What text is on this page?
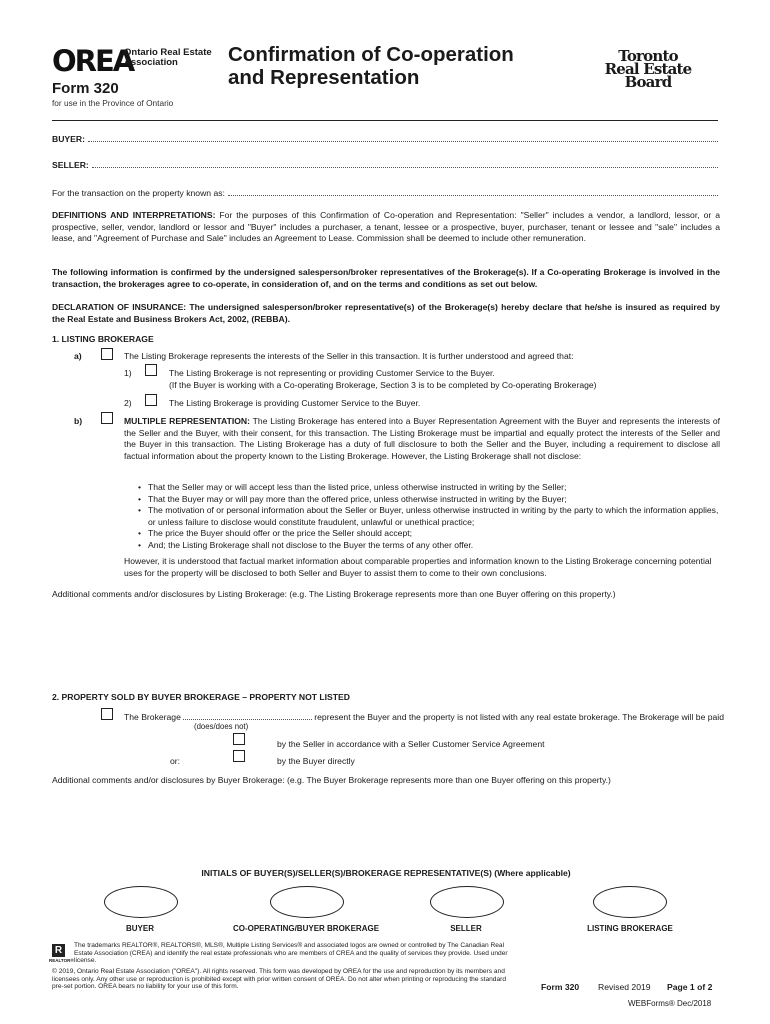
OREA
Ontario Real Estate
Association
Form 320
for use in the Province of Ontario
Confirmation of Co-operation
and Representation
Toronto
Real Estate
Board
BUYER:
SELLER:
For the transaction on the property known as:
DEFINITIONS AND INTERPRETATIONS: For the purposes of this Confirmation of Co-operation and Representation: "Seller" includes a vendor, a landlord, lessor, or a prospective, seller, vendor, landlord or lessor and "Buyer" includes a purchaser, a tenant, lessee or a prospective, buyer, purchaser, tenant or lessee and "sale" includes a lease, and "Agreement of Purchase and Sale" includes an Agreement to Lease. Commission shall be deemed to include other remuneration.
The following information is confirmed by the undersigned salesperson/broker representatives of the Brokerage(s). If a Co-operating Brokerage is involved in the transaction, the brokerages agree to co-operate, in consideration of, and on the terms and conditions as set out below.
DECLARATION OF INSURANCE: The undersigned salesperson/broker representative(s) of the Brokerage(s) hereby declare that he/she is insured as required by the Real Estate and Business Brokers Act, 2002, (REBBA).
1. LISTING BROKERAGE
a)	The Listing Brokerage represents the interests of the Seller in this transaction. It is further understood and agreed that:
1)	The Listing Brokerage is not representing or providing Customer Service to the Buyer.
(If the Buyer is working with a Co-operating Brokerage, Section 3 is to be completed by Co-operating Brokerage)
2)	The Listing Brokerage is providing Customer Service to the Buyer.
b)	MULTIPLE REPRESENTATION: The Listing Brokerage has entered into a Buyer Representation Agreement with the Buyer and represents the interests of the Seller and the Buyer, with their consent, for this transaction. The Listing Brokerage must be impartial and equally protect the interests of the Seller and the Buyer in this transaction. The Listing Brokerage has a duty of full disclosure to both the Seller and the Buyer, including a requirement to disclose all factual information about the property known to the Listing Brokerage. However, the Listing Brokerage shall not disclose:
• That the Seller may or will accept less than the listed price, unless otherwise instructed in writing by the Seller;
• That the Buyer may or will pay more than the offered price, unless otherwise instructed in writing by the Buyer;
• The motivation of or personal information about the Seller or Buyer, unless otherwise instructed in writing by the party to which the information applies, or unless failure to disclose would constitute fraudulent, unlawful or unethical practice;
• The price the Buyer should offer or the price the Seller should accept;
• And; the Listing Brokerage shall not disclose to the Buyer the terms of any other offer.
However, it is understood that factual market information about comparable properties and information known to the Listing Brokerage concerning potential uses for the property will be disclosed to both Seller and Buyer to assist them to come to their own conclusions.
Additional comments and/or disclosures by Listing Brokerage: (e.g. The Listing Brokerage represents more than one Buyer offering on this property.)
2. PROPERTY SOLD BY BUYER BROKERAGE – PROPERTY NOT LISTED
The Brokerage	represent the Buyer and the property is not listed with any real estate brokerage. The Brokerage will be paid
(does/does not)
by the Seller in accordance with a Seller Customer Service Agreement
or:	by the Buyer directly
Additional comments and/or disclosures by Buyer Brokerage: (e.g. The Buyer Brokerage represents more than one Buyer offering on this property.)
INITIALS OF BUYER(S)/SELLER(S)/BROKERAGE REPRESENTATIVE(S) (Where applicable)
BUYER	CO-OPERATING/BUYER BROKERAGE	SELLER	LISTING BROKERAGE
R
REALTOR®
The trademarks REALTOR®, REALTORS®, MLS®, Multiple Listing Services® and associated logos are owned or controlled by The Canadian Real Estate Association (CREA) and identify the real estate professionals who are members of CREA and the quality of services they provide. Used under license.
© 2019, Ontario Real Estate Association ("OREA"). All rights reserved. This form was developed by OREA for the use and reproduction by its members and licensees only. Any other use or reproduction is prohibited except with prior written consent of OREA. Do not alter when printing or reproducing the standard pre-set portion. OREA bears no liability for your use of this form.	Form 320 Revised 2019 Page 1 of 2
WEBForms® Dec/2018
